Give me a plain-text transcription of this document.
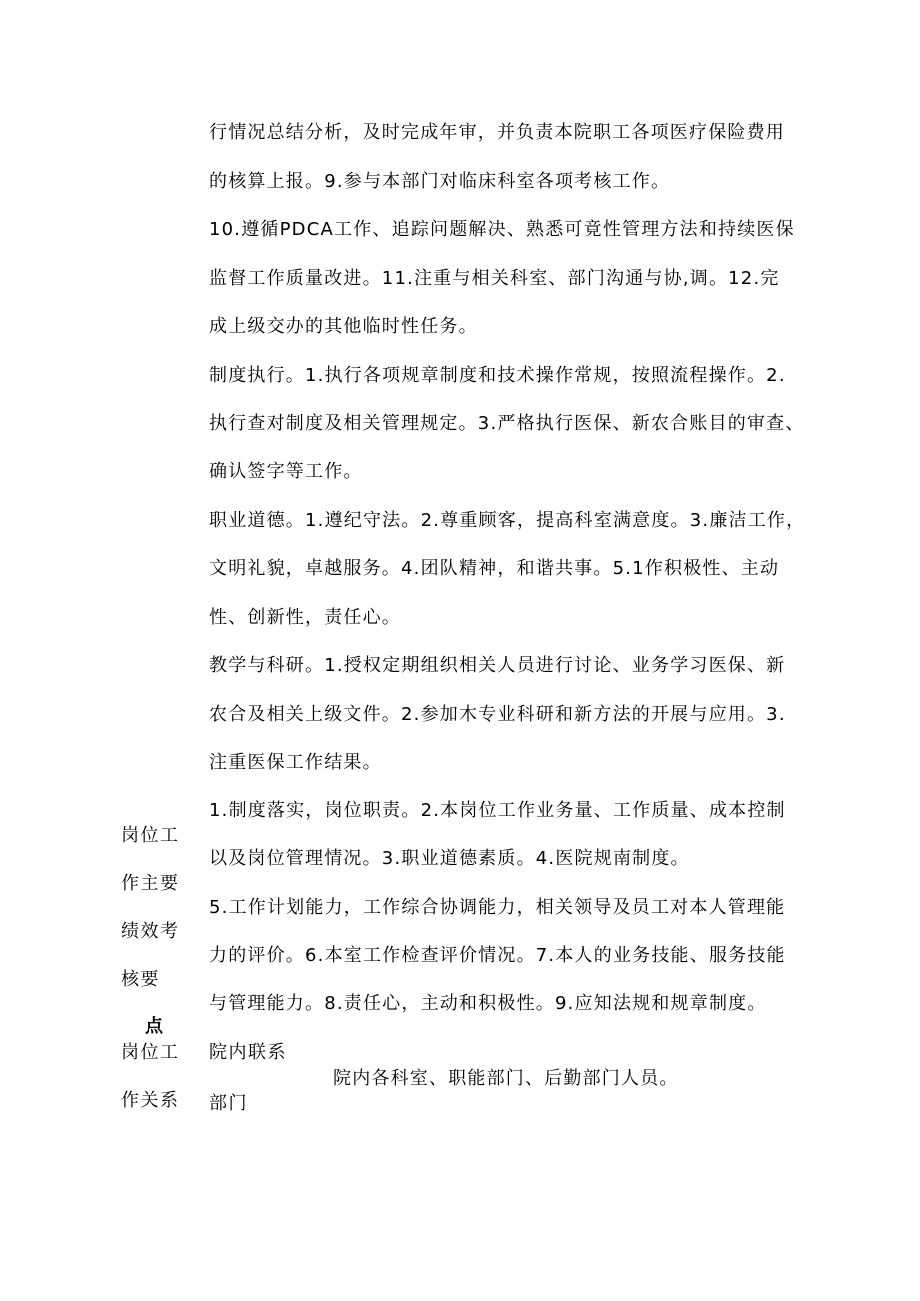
行情况总结分析，及时完成年审，并负责本院职工各项医疗保险费用
的核算上报。9.参与本部门对临床科室各项考核工作。
10.遵循PDCA工作、追踪问题解决、熟悉可竟性管理方法和持续医保
监督工作质量改进。11.注重与相关科室、部门沟通与协,调。12.完
成上级交办的其他临时性任务。
制度执行。1.执行各项规章制度和技术操作常规，按照流程操作。2.
执行查对制度及相关管理规定。3.严格执行医保、新农合账目的审查、
确认签字等工作。
职业道德。1.遵纪守法。2.尊重顾客，提高科室满意度。3.廉洁工作，
文明礼貌，卓越服务。4.团队精神，和谐共事。5.1作积极性、主动
性、创新性，责任心。
教学与科研。1.授权定期组织相关人员进行讨论、业务学习医保、新
农合及相关上级文件。2.参加木专业科研和新方法的开展与应用。3.
注重医保工作结果。
岗位工
作主要
绩效考
核要
点
1.制度落实，岗位职责。2.本岗位工作业务量、工作质量、成本控制
以及岗位管理情况。3.职业道德素质。4.医院规南制度。
5.工作计划能力，工作综合协调能力，相关领导及员工对本人管理能
力的评价。6.本室工作检查评价情况。7.本人的业务技能、服务技能
与管理能力。8.责任心，主动和积极性。9.应知法规和规章制度。
岗位工
作关系
院内联系
部门
院内各科室、职能部门、后勤部门人员。
